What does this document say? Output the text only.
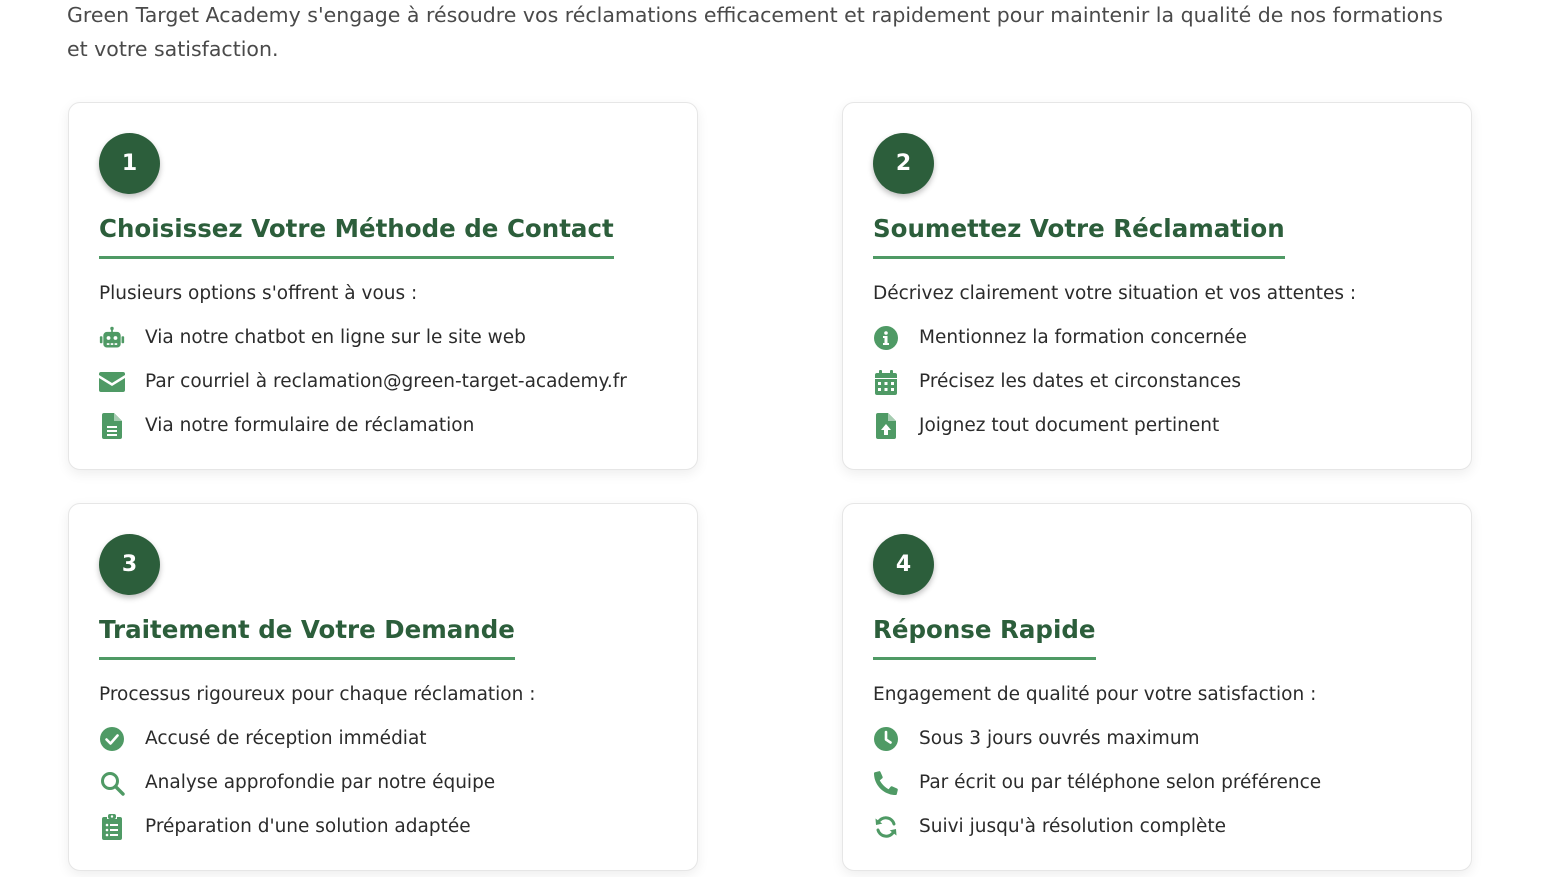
Green Target Academy s'engage à résoudre vos réclamations efficacement et rapidement pour maintenir la qualité de nos formations et votre satisfaction.

1
Choisissez Votre Méthode de Contact

Plusieurs options s'offrent à vous :

Via notre chatbot en ligne sur le site web
Par courriel à reclamation@green-target-academy.fr
Via notre formulaire de réclamation
2
Soumettez Votre Réclamation

Décrivez clairement votre situation et vos attentes :

Mentionnez la formation concernée
Précisez les dates et circonstances
Joignez tout document pertinent
3
Traitement de Votre Demande

Processus rigoureux pour chaque réclamation :

Accusé de réception immédiat
Analyse approfondie par notre équipe
Préparation d'une solution adaptée
4
Réponse Rapide

Engagement de qualité pour votre satisfaction :

Sous 3 jours ouvrés maximum
Par écrit ou par téléphone selon préférence
Suivi jusqu'à résolution complète
